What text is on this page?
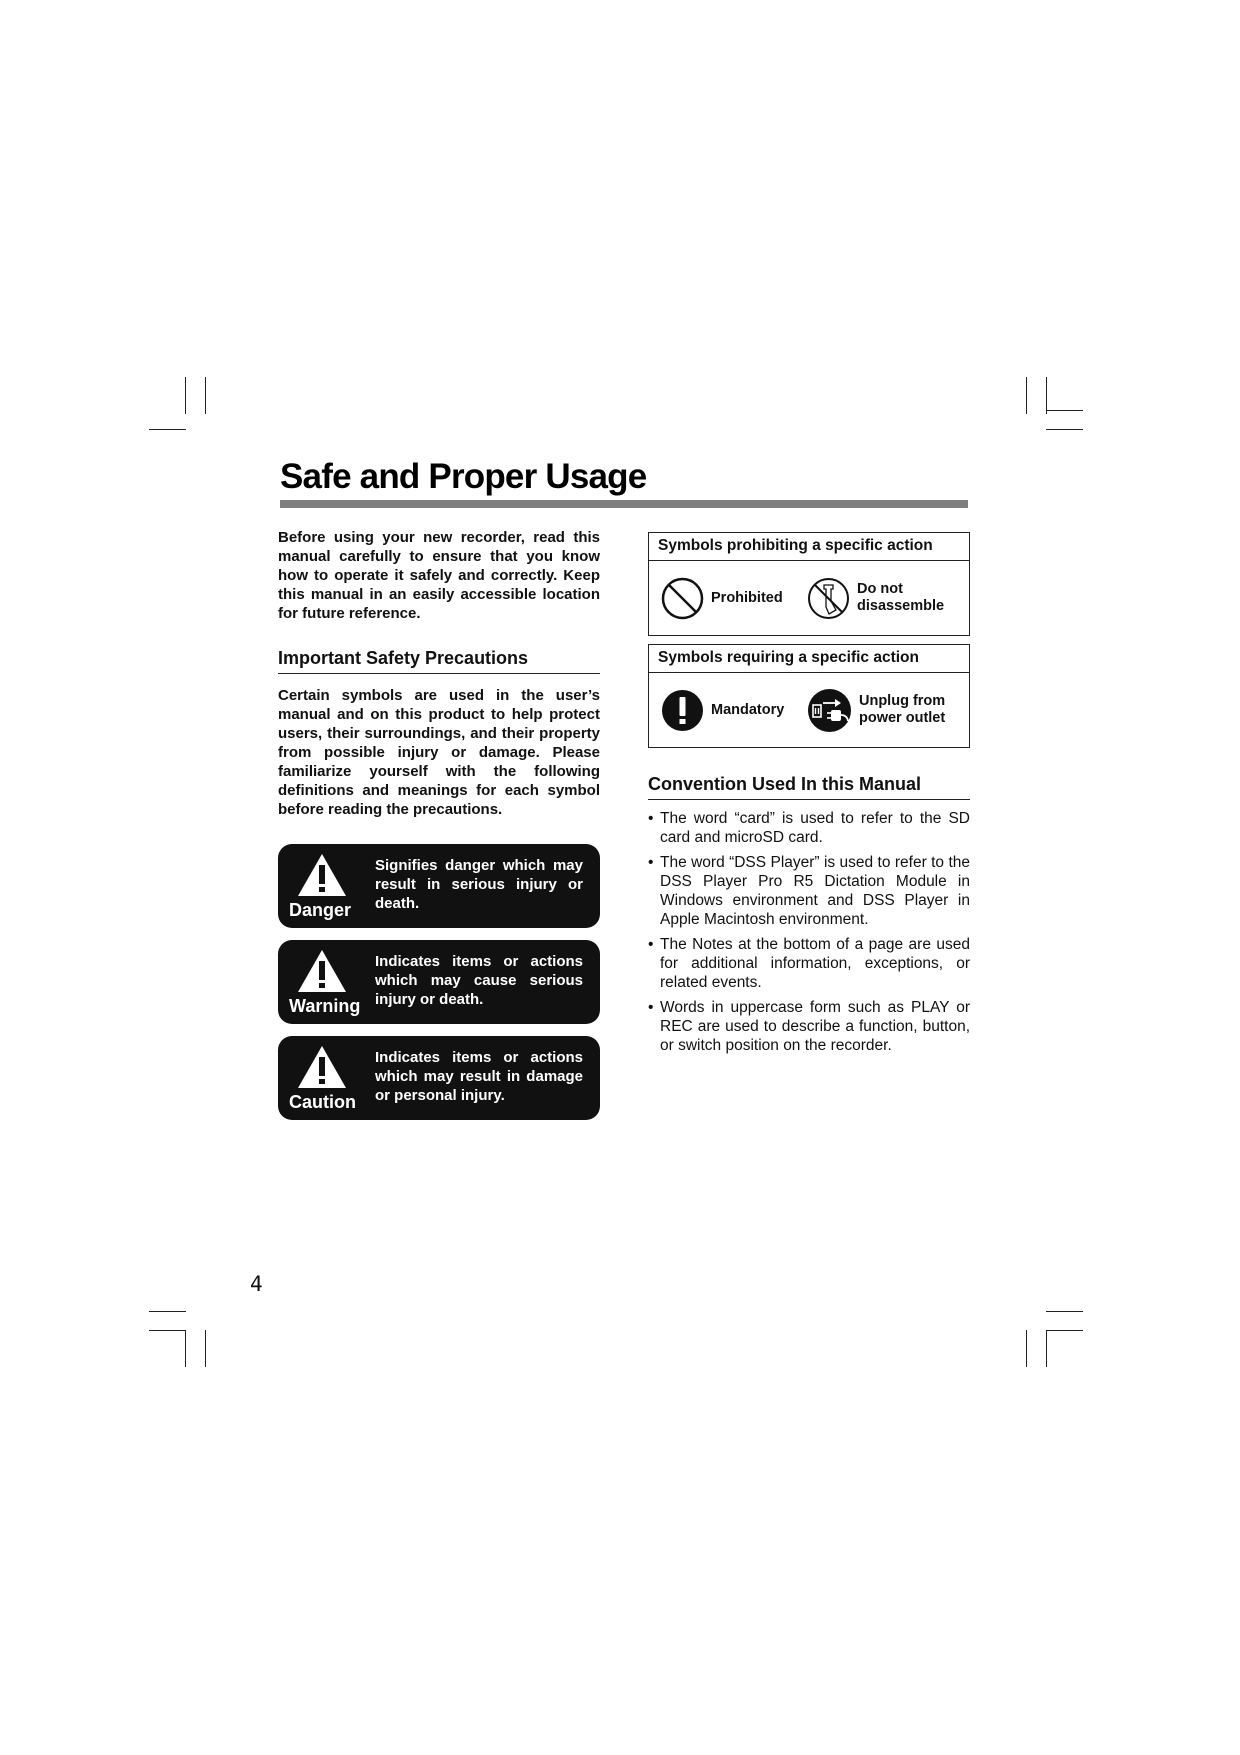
Safe and Proper Usage

Before using your new recorder, read this manual carefully to ensure that you know how to operate it safely and correctly. Keep this manual in an easily accessible location for future reference.

Important Safety Precautions

Certain symbols are used in the user’s manual and on this product to help protect users, their surroundings, and their property from possible injury or damage. Please familiarize yourself with the following definitions and meanings for each symbol before reading the precautions.

Danger

Signifies danger which may result in serious injury or death.

Warning

Indicates items or actions which may cause serious injury or death.

Caution

Indicates items or actions which may result in damage or personal injury.

Symbols prohibiting a specific action
Prohibited
Do not disassemble
Symbols requiring a specific action
Mandatory
Unplug from power outlet
Convention Used In this Manual
• The word “card” is used to refer to the SD card and microSD card.
• The word “DSS Player” is used to refer to the DSS Player Pro R5 Dictation Module in Windows environment and DSS Player in Apple Macintosh environment.
• The Notes at the bottom of a page are used for additional information, exceptions, or related events.
• Words in uppercase form such as PLAY or REC are used to describe a function, button, or switch position on the recorder.
4
